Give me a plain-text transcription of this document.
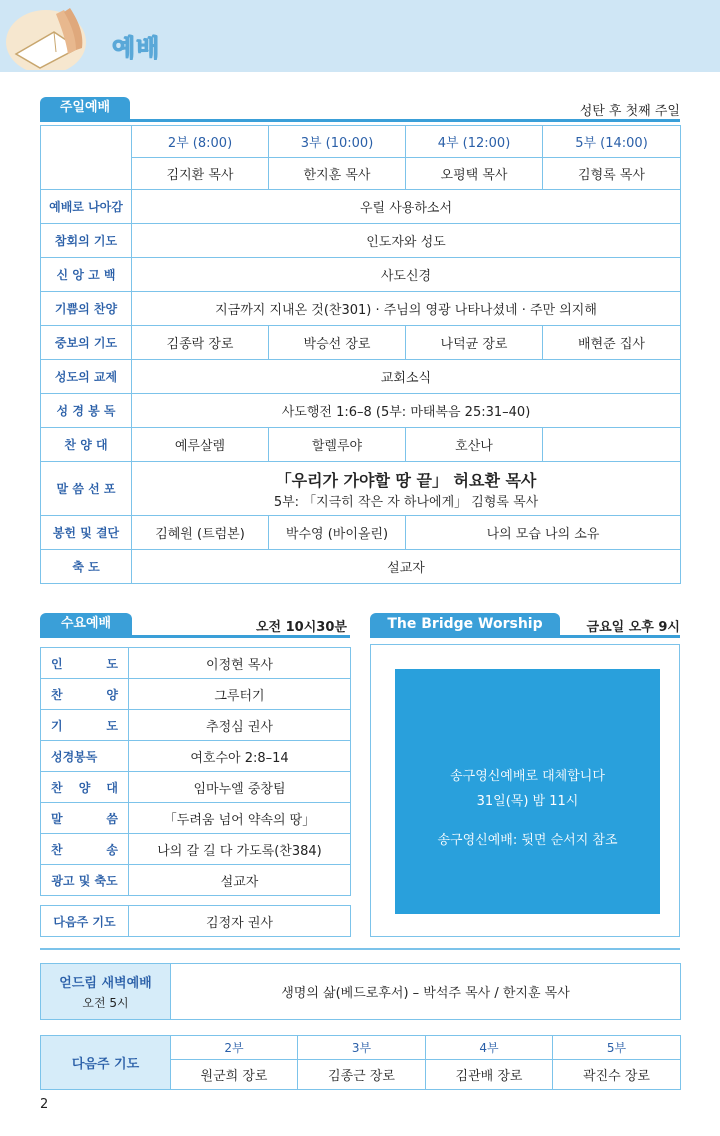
예배
주일예배	성탄 후 첫째 주일
	2부 (8:00)	3부 (10:00)	4부 (12:00)	5부 (14:00)
	김지환 목사	한지훈 목사	오평택 목사	김형록 목사
예배로 나아감	우릴 사용하소서			
참회의 기도	인도자와 성도			
신 앙 고 백	사도신경			
기쁨의 찬양	지금까지 지내온 것(찬301) · 주님의 영광 나타나셨네 · 주만 의지해			
중보의 기도	김종락 장로	박승선 장로	나덕균 장로	배현준 집사
성도의 교제	교회소식			
성 경 봉 독	사도행전 1:6–8 (5부: 마태복음 25:31–40)			
찬 양 대	예루살렘	할렐루야	호산나	
말 씀 선 포	「우리가 가야할 땅 끝」 허요환 목사
5부: 「지극히 작은 자 하나에게」 김형록 목사			

봉헌 및 결단	김혜원 (트럼본)	박수영 (바이올린)	나의 모습 나의 소유	
축 도	설교자			
수요예배	오전 10시30분
인 도	이정현 목사
찬 양	그루터기
기 도	추정심 권사
성경봉독	여호수아 2:8–14
찬 양 대	임마누엘 중창팀
말 씀	「두려움 넘어 약속의 땅」
찬 송	나의 갈 길 다 가도록(찬384)
광고 및 축도	설교자
다음주 기도	김정자 권사
The Bridge Worship	금요일 오후 9시
송구영신예배로 대체합니다
31일(목) 밤 11시
송구영신예배: 뒷면 순서지 참조
얻드림 새벽예배
오전 5시
	생명의 삶(베드로후서) – 박석주 목사 / 한지훈 목사
다음주 기도	2부	3부	4부	5부
	원군희 장로	김종근 장로	김관배 장로	곽진수 장로
2
